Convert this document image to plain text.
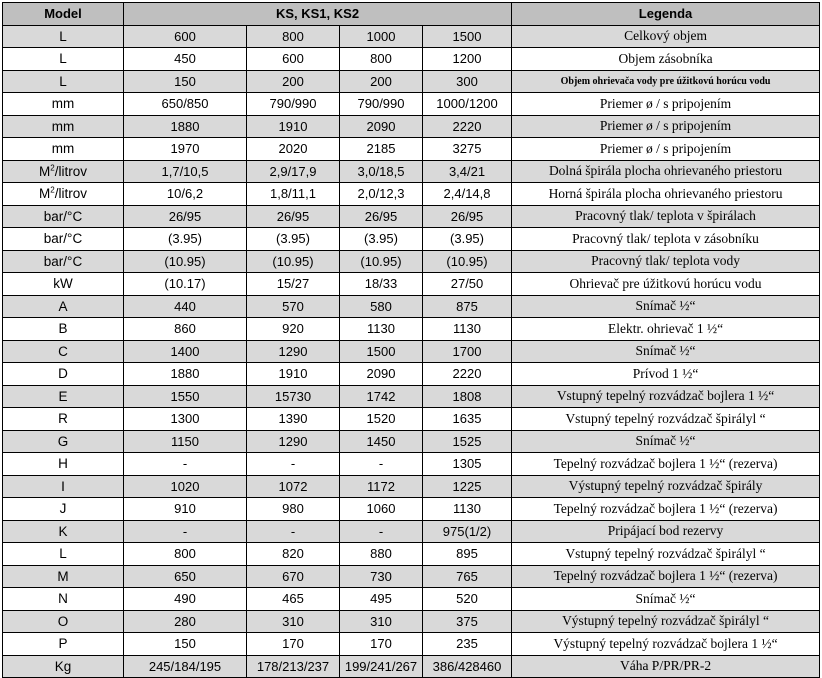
Model	KS, KS1, KS2				Legenda
L	600	800	1000	1500	Celkový objem
L	450	600	800	1200	Objem zásobníka
L	150	200	200	300	Objem ohrievača vody pre úžitkovú horúcu vodu
mm	650/850	790/990	790/990	1000/1200	Priemer ø / s pripojením
mm	1880	1910	2090	2220	Priemer ø / s pripojením
mm	1970	2020	2185	3275	Priemer ø / s pripojením
$M^2$/litrov	1,7/10,5	2,9/17,9	3,0/18,5	3,4/21	Dolná špirála plocha ohrievaného priestoru
$M^2$/litrov	10/6,2	1,8/11,1	2,0/12,3	2,4/14,8	Horná špirála plocha ohrievaného priestoru
bar/°C	26/95	26/95	26/95	26/95	Pracovný tlak/ teplota v špirálach
bar/°C	(3.95)	(3.95)	(3.95)	(3.95)	Pracovný tlak/ teplota v zásobníku
bar/°C	(10.95)	(10.95)	(10.95)	(10.95)	Pracovný tlak/ teplota vody
kW	(10.17)	15/27	18/33	27/50	Ohrievač pre úžitkovú horúcu vodu
A	440	570	580	875	Snímač ½“
B	860	920	1130	1130	Elektr. ohrievač 1 ½“
C	1400	1290	1500	1700	Snímač ½“
D	1880	1910	2090	2220	Prívod 1 ½“
E	1550	15730	1742	1808	Vstupný tepelný rozvádzač bojlera 1 ½“
R	1300	1390	1520	1635	Vstupný tepelný rozvádzač špirályl “
G	1150	1290	1450	1525	Snímač ½“
H	-	-	-	1305	Tepelný rozvádzač bojlera 1 ½“ (rezerva)
I	1020	1072	1172	1225	Výstupný tepelný rozvádzač špirály
J	910	980	1060	1130	Tepelný rozvádzač bojlera 1 ½“ (rezerva)
K	-	-	-	975(1/2)	Pripájací bod rezervy
L	800	820	880	895	Vstupný tepelný rozvádzač špirályl “
M	650	670	730	765	Tepelný rozvádzač bojlera 1 ½“ (rezerva)
N	490	465	495	520	Snímač ½“
O	280	310	310	375	Výstupný tepelný rozvádzač špirályl “
P	150	170	170	235	Výstupný tepelný rozvádzač bojlera 1 ½“
Kg	245/184/195	178/213/237	199/241/267	386/428460	Váha P/PR/PR-2
